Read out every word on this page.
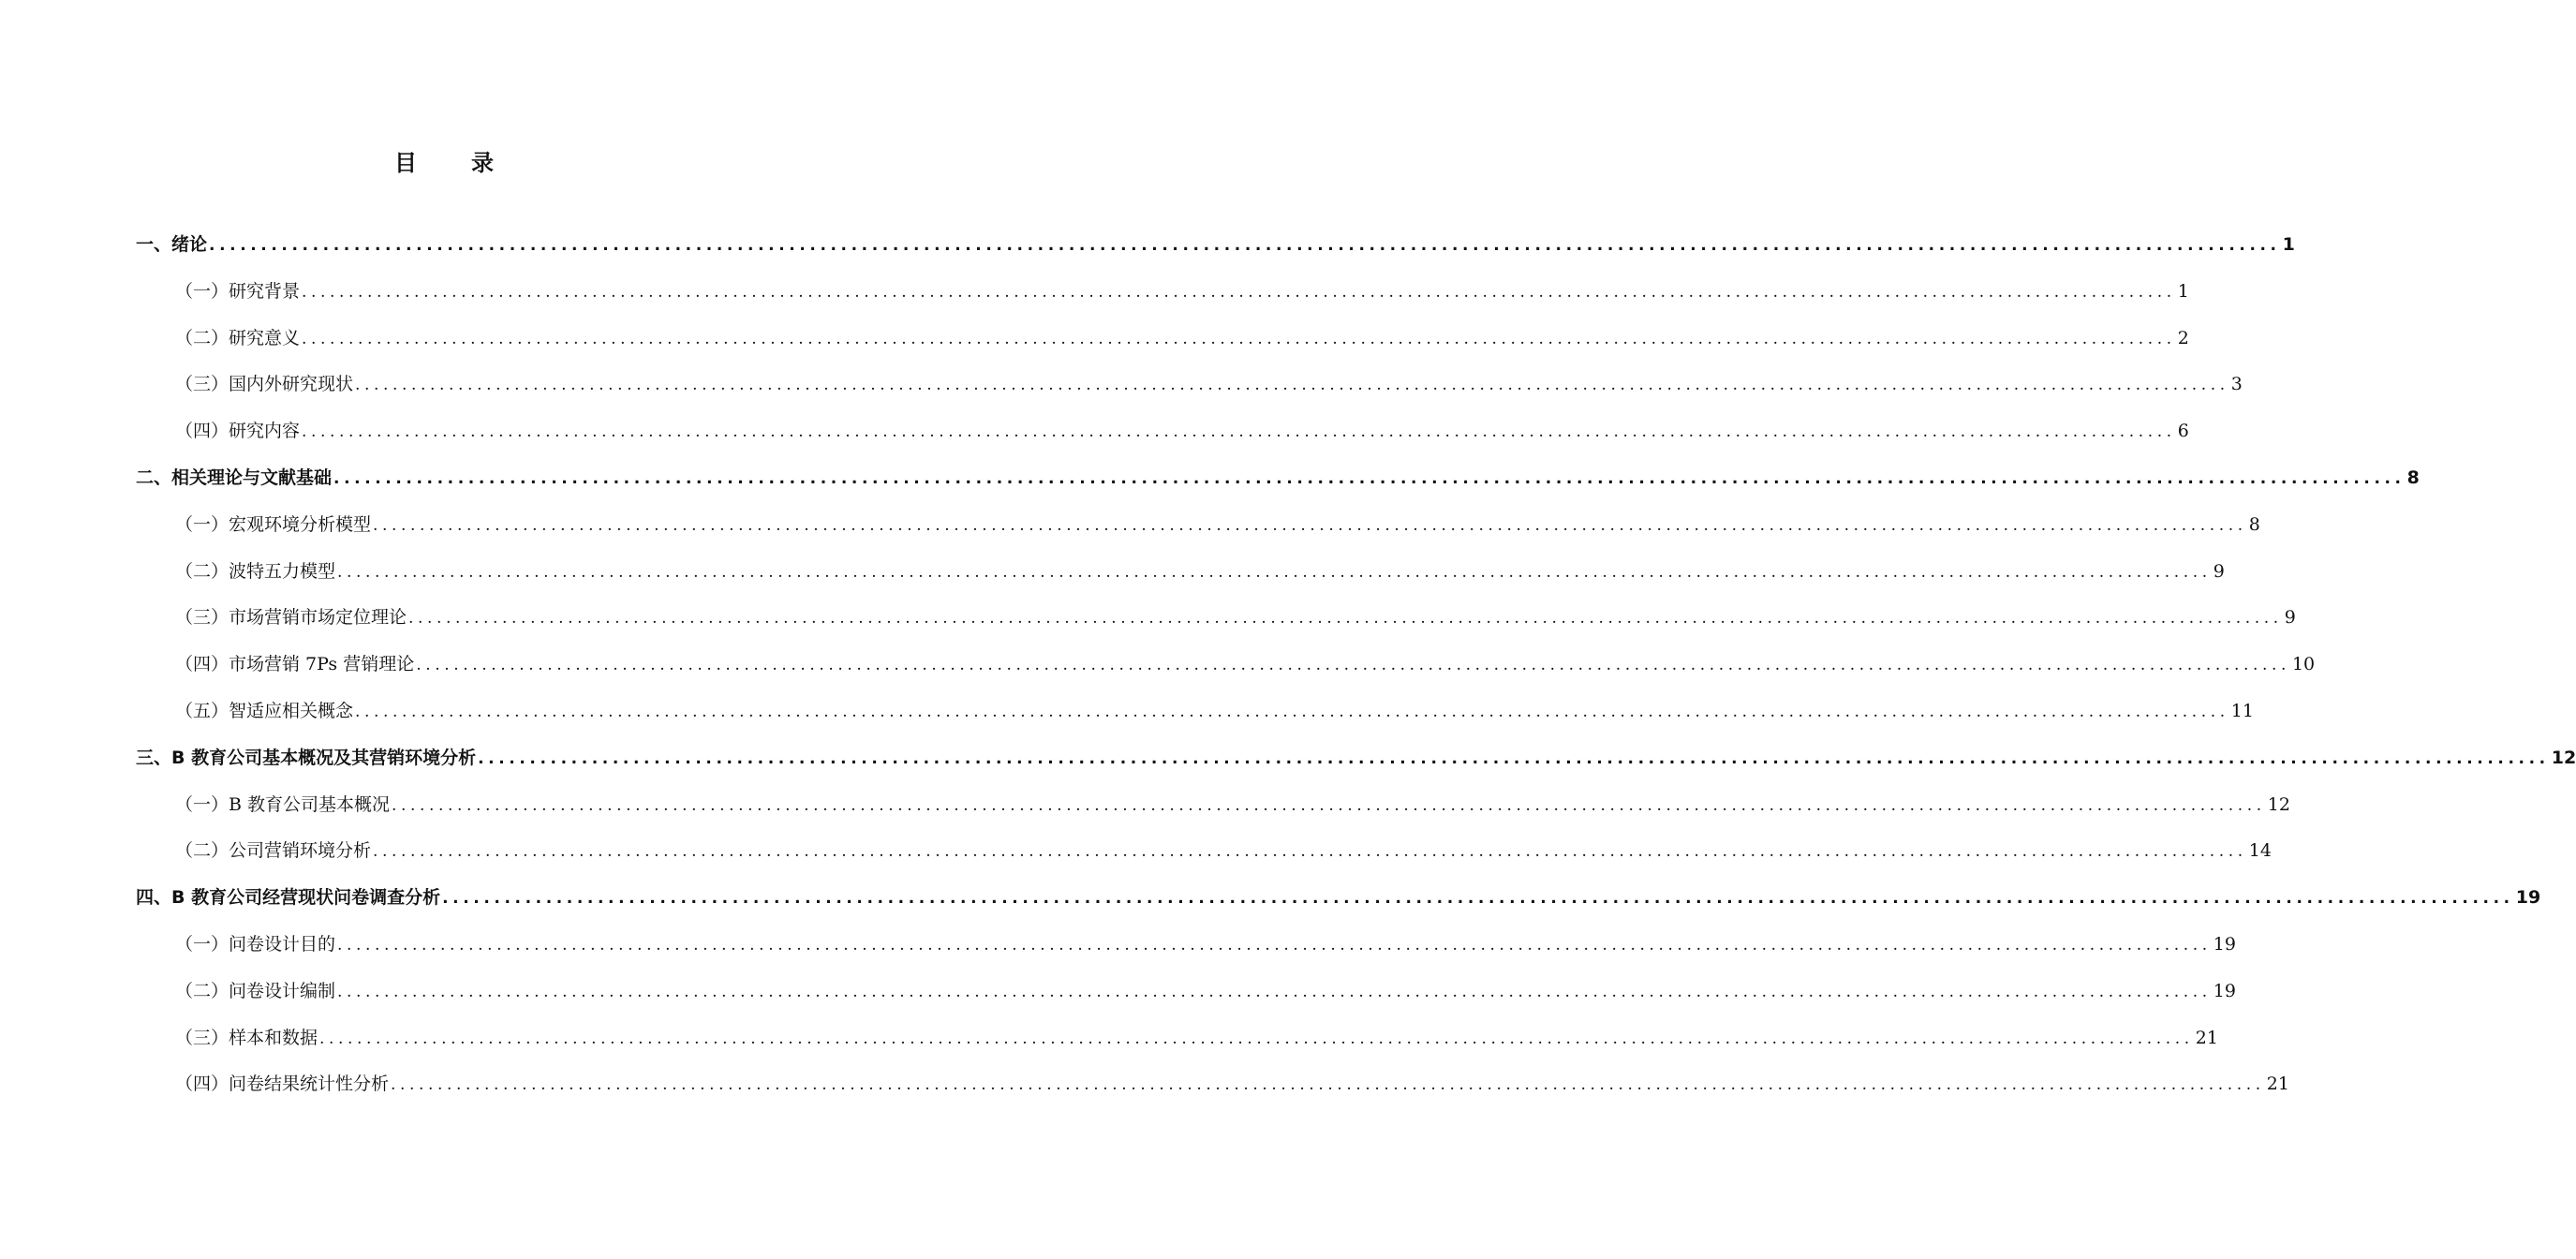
目 录
一、绪论 ........................................................................................................................................................................................................ 1
（一）研究背景 ........................................................................................................................................................................................................ 1
（二）研究意义 ........................................................................................................................................................................................................ 2
（三）国内外研究现状 ........................................................................................................................................................................................................ 3
（四）研究内容 ........................................................................................................................................................................................................ 6
二、相关理论与文献基础 ........................................................................................................................................................................................................ 8
（一）宏观环境分析模型 ........................................................................................................................................................................................................ 8
（二）波特五力模型 ........................................................................................................................................................................................................ 9
（三）市场营销市场定位理论 ........................................................................................................................................................................................................ 9
（四）市场营销 7Ps 营销理论 ........................................................................................................................................................................................................ 10
（五）智适应相关概念 ........................................................................................................................................................................................................ 11
三、B 教育公司基本概况及其营销环境分析 ........................................................................................................................................................................................................ 12
（一）B 教育公司基本概况 ........................................................................................................................................................................................................ 12
（二）公司营销环境分析 ........................................................................................................................................................................................................ 14
四、B 教育公司经营现状问卷调查分析 ........................................................................................................................................................................................................ 19
（一）问卷设计目的 ........................................................................................................................................................................................................ 19
（二）问卷设计编制 ........................................................................................................................................................................................................ 19
（三）样本和数据 ........................................................................................................................................................................................................ 21
（四）问卷结果统计性分析 ........................................................................................................................................................................................................ 21
